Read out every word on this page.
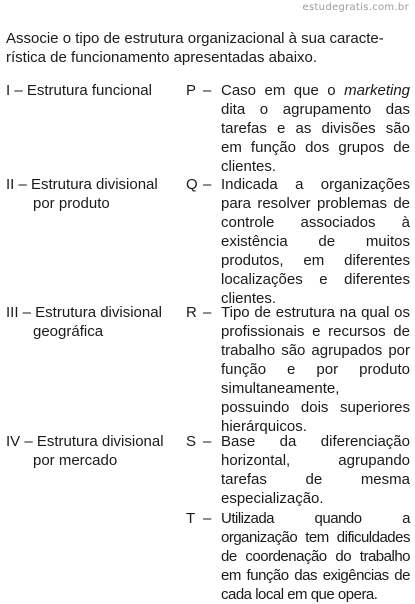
estudegratis.com.br
Associe o tipo de estrutura organizacional à sua caracte-
rística de funcionamento apresentadas abaixo.
I – Estrutura funcional
II – Estrutura divisional
por produto
III – Estrutura divisional
geográfica
IV – Estrutura divisional
por mercado
P – Caso em que o marketing dita o agrupamento das tarefas e as divisões são em função dos grupos de clientes.
Q – Indicada a organizações para resolver problemas de controle associados à existência de muitos produtos, em diferentes localizações e diferentes clientes.
R – Tipo de estrutura na qual os profissionais e recursos de trabalho são agrupados por função e por produto simultaneamente, possuindo dois superiores hierárquicos.
S – Base da diferenciação horizontal, agrupando tarefas de mesma especialização.
T – Utilizada quando a organização tem dificuldades de coordenação do trabalho em função das exigências de cada local em que opera.
